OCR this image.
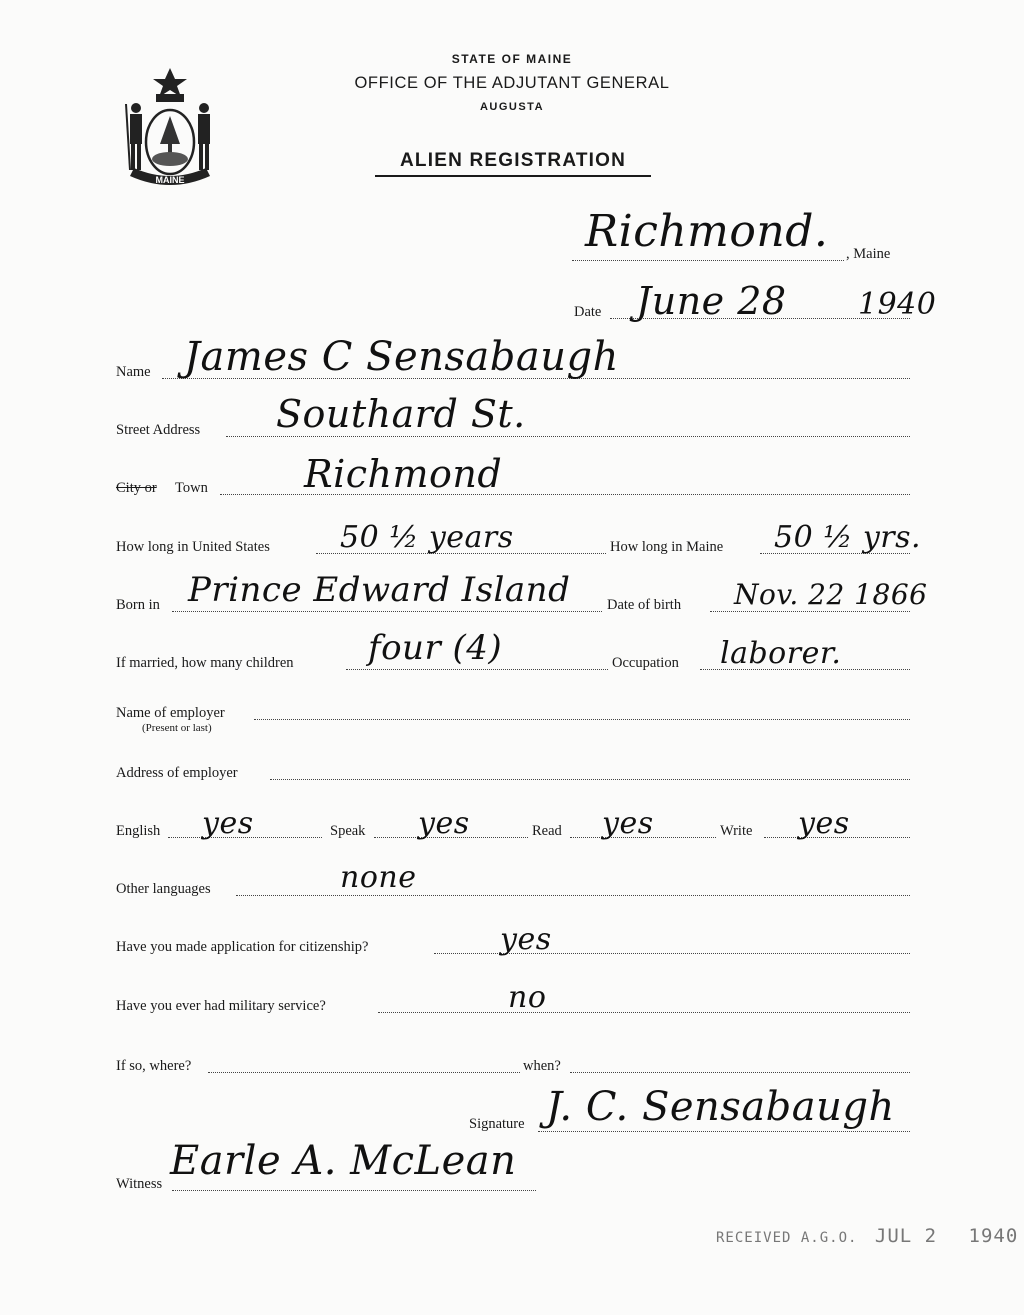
STATE OF MAINE
OFFICE OF THE ADJUTANT GENERAL
AUGUSTA
ALIEN REGISTRATION
MAINE
Richmond. , Maine
Date June 28 1940
Name James C Sensabaugh
Street Address Southard St.
City or Town	Richmond
How long in United States 50 ½ years	How long in Maine 50 ½ yrs.
Born in Prince Edward Island	Date of birth Nov. 22 1866
If married, how many children four (4)	Occupation laborer.
Name of employer
(Present or last)
Address of employer
English yes	Speak yes	Read yes	Write yes
Other languages	none
Have you made application for citizenship?	yes
Have you ever had military service?	no
If so, where?	when?
Signature J. C. Sensabaugh
Witness Earle A. McLean
RECEIVED A.G.O. JUL 2 1940
